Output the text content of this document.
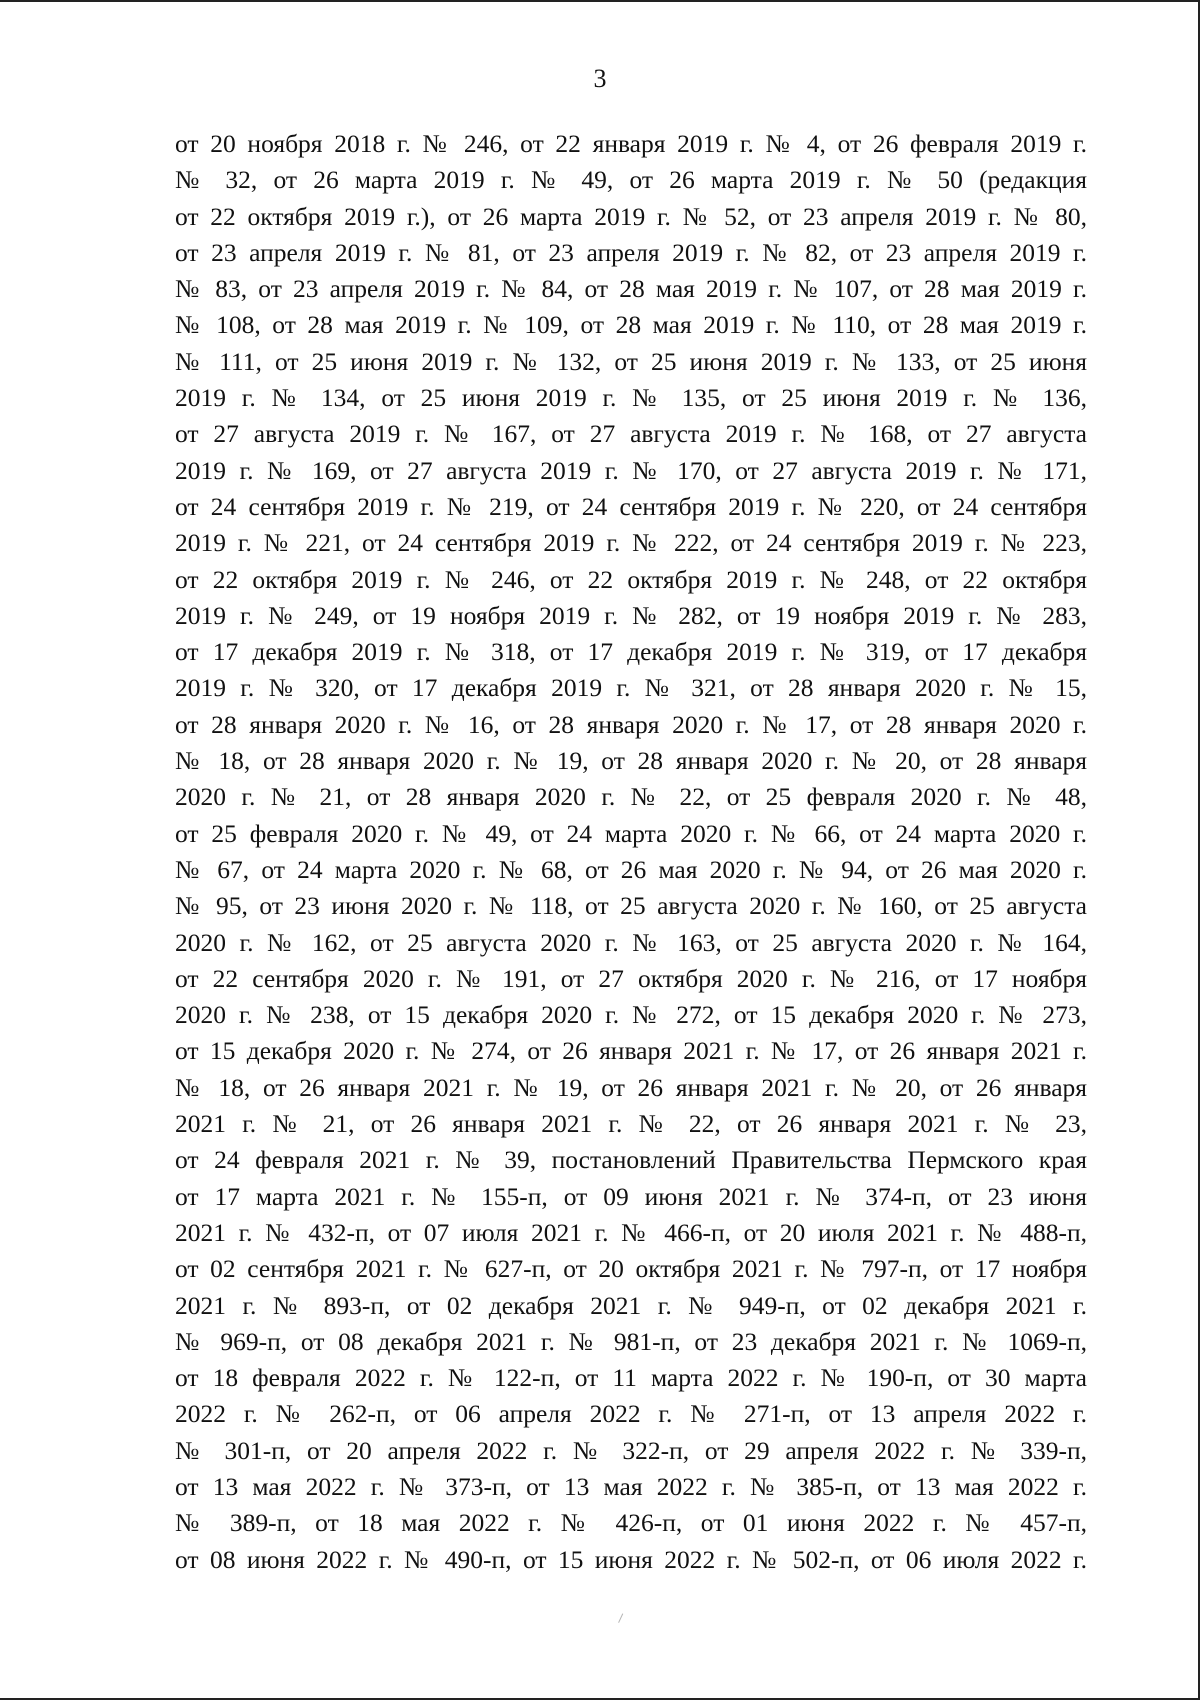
3
от 20 ноября 2018 г. № 246, от 22 января 2019 г. № 4, от 26 февраля 2019 г.
№ 32, от 26 марта 2019 г. № 49, от 26 марта 2019 г. № 50 (редакция
от 22 октября 2019 г.), от 26 марта 2019 г. № 52, от 23 апреля 2019 г. № 80,
от 23 апреля 2019 г. № 81, от 23 апреля 2019 г. № 82, от 23 апреля 2019 г.
№ 83, от 23 апреля 2019 г. № 84, от 28 мая 2019 г. № 107, от 28 мая 2019 г.
№ 108, от 28 мая 2019 г. № 109, от 28 мая 2019 г. № 110, от 28 мая 2019 г.
№ 111, от 25 июня 2019 г. № 132, от 25 июня 2019 г. № 133, от 25 июня
2019 г. № 134, от 25 июня 2019 г. № 135, от 25 июня 2019 г. № 136,
от 27 августа 2019 г. № 167, от 27 августа 2019 г. № 168, от 27 августа
2019 г. № 169, от 27 августа 2019 г. № 170, от 27 августа 2019 г. № 171,
от 24 сентября 2019 г. № 219, от 24 сентября 2019 г. № 220, от 24 сентября
2019 г. № 221, от 24 сентября 2019 г. № 222, от 24 сентября 2019 г. № 223,
от 22 октября 2019 г. № 246, от 22 октября 2019 г. № 248, от 22 октября
2019 г. № 249, от 19 ноября 2019 г. № 282, от 19 ноября 2019 г. № 283,
от 17 декабря 2019 г. № 318, от 17 декабря 2019 г. № 319, от 17 декабря
2019 г. № 320, от 17 декабря 2019 г. № 321, от 28 января 2020 г. № 15,
от 28 января 2020 г. № 16, от 28 января 2020 г. № 17, от 28 января 2020 г.
№ 18, от 28 января 2020 г. № 19, от 28 января 2020 г. № 20, от 28 января
2020 г. № 21, от 28 января 2020 г. № 22, от 25 февраля 2020 г. № 48,
от 25 февраля 2020 г. № 49, от 24 марта 2020 г. № 66, от 24 марта 2020 г.
№ 67, от 24 марта 2020 г. № 68, от 26 мая 2020 г. № 94, от 26 мая 2020 г.
№ 95, от 23 июня 2020 г. № 118, от 25 августа 2020 г. № 160, от 25 августа
2020 г. № 162, от 25 августа 2020 г. № 163, от 25 августа 2020 г. № 164,
от 22 сентября 2020 г. № 191, от 27 октября 2020 г. № 216, от 17 ноября
2020 г. № 238, от 15 декабря 2020 г. № 272, от 15 декабря 2020 г. № 273,
от 15 декабря 2020 г. № 274, от 26 января 2021 г. № 17, от 26 января 2021 г.
№ 18, от 26 января 2021 г. № 19, от 26 января 2021 г. № 20, от 26 января
2021 г. № 21, от 26 января 2021 г. № 22, от 26 января 2021 г. № 23,
от 24 февраля 2021 г. № 39, постановлений Правительства Пермского края
от 17 марта 2021 г. № 155-п, от 09 июня 2021 г. № 374-п, от 23 июня
2021 г. № 432-п, от 07 июля 2021 г. № 466-п, от 20 июля 2021 г. № 488-п,
от 02 сентября 2021 г. № 627-п, от 20 октября 2021 г. № 797-п, от 17 ноября
2021 г. № 893-п, от 02 декабря 2021 г. № 949-п, от 02 декабря 2021 г.
№ 969-п, от 08 декабря 2021 г. № 981-п, от 23 декабря 2021 г. № 1069-п,
от 18 февраля 2022 г. № 122-п, от 11 марта 2022 г. № 190-п, от 30 марта
2022 г. № 262-п, от 06 апреля 2022 г. № 271-п, от 13 апреля 2022 г.
№ 301-п, от 20 апреля 2022 г. № 322-п, от 29 апреля 2022 г. № 339-п,
от 13 мая 2022 г. № 373-п, от 13 мая 2022 г. № 385-п, от 13 мая 2022 г.
№ 389-п, от 18 мая 2022 г. № 426-п, от 01 июня 2022 г. № 457-п,
от 08 июня 2022 г. № 490-п, от 15 июня 2022 г. № 502-п, от 06 июля 2022 г.
